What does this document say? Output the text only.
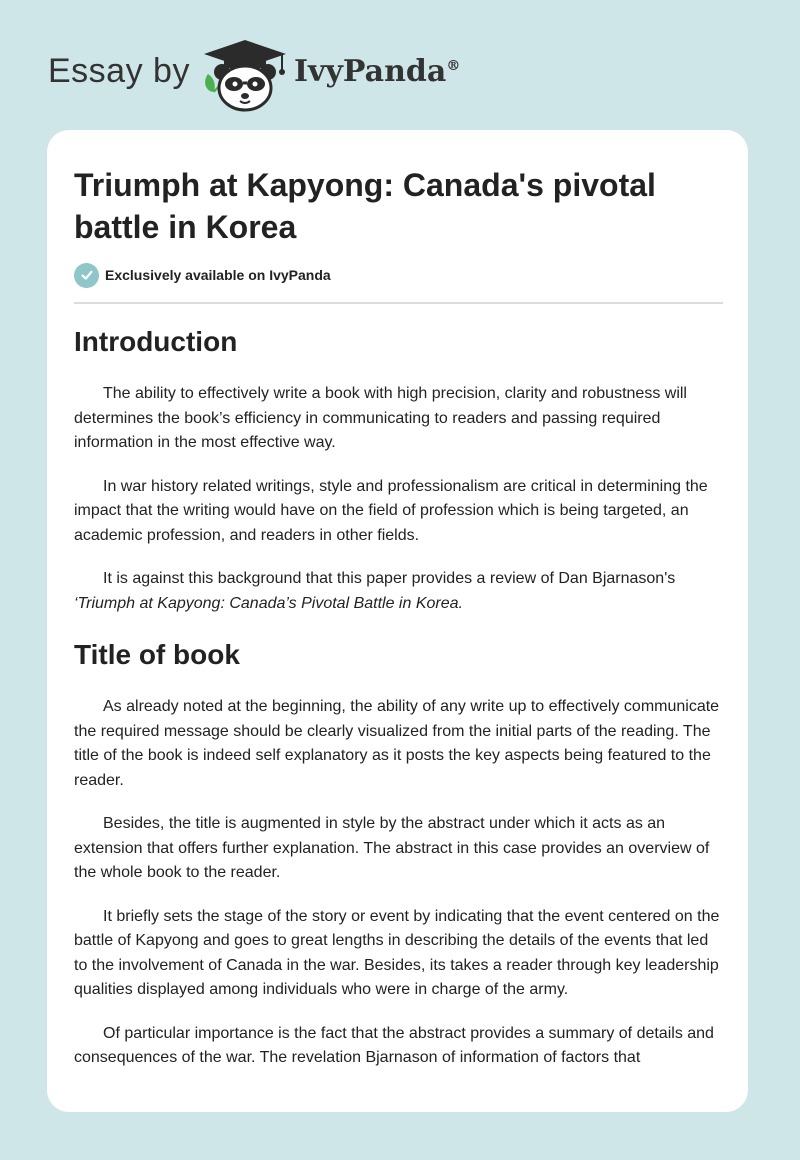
Essay by	IvyPanda®
Triumph at Kapyong: Canada's pivotal battle in Korea
Exclusively available on IvyPanda
Introduction

The ability to effectively write a book with high precision, clarity and robustness will determines the book’s efficiency in communicating to readers and passing required information in the most effective way.

In war history related writings, style and professionalism are critical in determining the impact that the writing would have on the field of profession which is being targeted, an academic profession, and readers in other fields.

It is against this background that this paper provides a review of Dan Bjarnason's
‘Triumph at Kapyong: Canada’s Pivotal Battle in Korea.

Title of book

As already noted at the beginning, the ability of any write up to effectively communicate the required message should be clearly visualized from the initial parts of the reading. The title of the book is indeed self explanatory as it posts the key aspects being featured to the reader.

Besides, the title is augmented in style by the abstract under which it acts as an extension that offers further explanation. The abstract in this case provides an overview of the whole book to the reader.

It briefly sets the stage of the story or event by indicating that the event centered on the battle of Kapyong and goes to great lengths in describing the details of the events that led to the involvement of Canada in the war. Besides, its takes a reader through key leadership qualities displayed among individuals who were in charge of the army.

Of particular importance is the fact that the abstract provides a summary of details and consequences of the war. The revelation Bjarnason of information of factors that
